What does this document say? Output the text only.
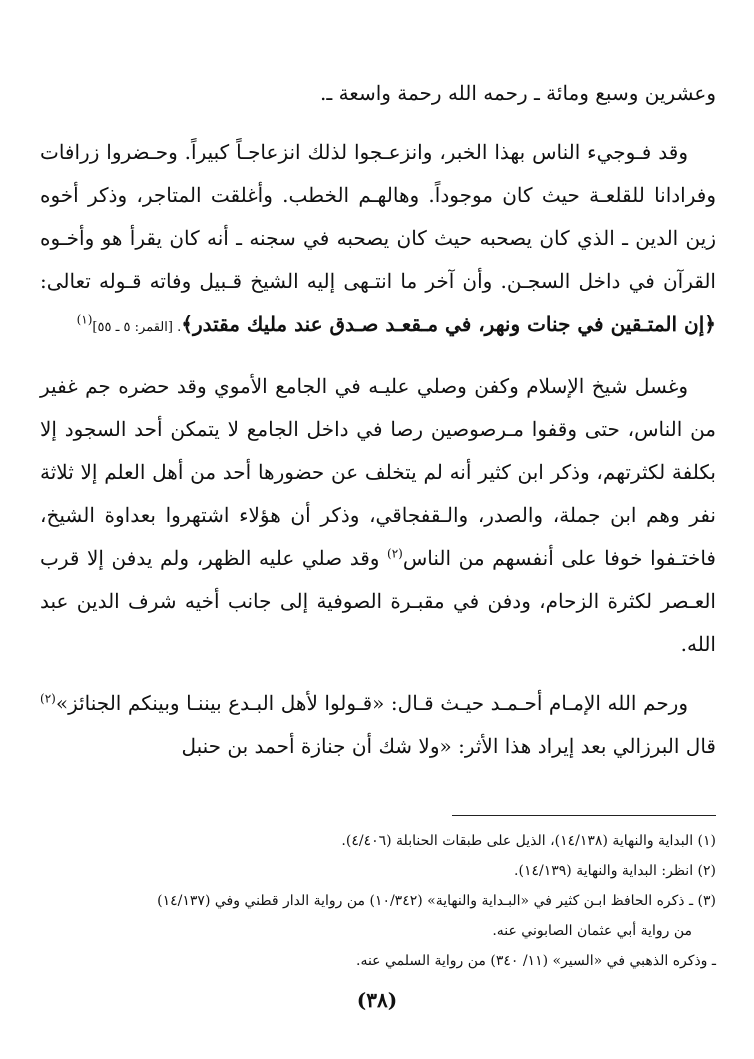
وعشرين وسبع ومائة ـ رحمه الله رحمة واسعة ـ.

وقد فـوجيء الناس بهذا الخبر، وانزعـجوا لذلك انزعاجـاً كبيراً. وحـضروا زرافات وفرادانا للقلعـة حيث كان موجوداً. وهالهـم الخطب. وأغلقت المتاجر، وذكر أخوه زين الدين ـ الذي كان يصحبه حيث كان يصحبه في سجنه ـ أنه كان يقرأ هو وأخـوه القرآن في داخل السجـن. وأن آخر ما انتـهى إليه الشيخ قـبيل وفاته قـوله تعالى: ﴿إن المتـقين في جنات ونهر، في مـقعـد صـدق عند مليك مقتدر﴾. [القمر: ٥ ـ ٥٥]$^{(١)}$

وغسل شيخ الإسلام وكفن وصلي عليـه في الجامع الأموي وقد حضره جم غفير من الناس، حتى وقفوا مـرصوصين رصا في داخل الجامع لا يتمكن أحد السجود إلا بكلفة لكثرتهم، وذكر ابن كثير أنه لم يتخلف عن حضورها أحد من أهل العلم إلا ثلاثة نفر وهم ابن جملة، والصدر، والـقفجاقي، وذكر أن هؤلاء اشتهروا بعداوة الشيخ، فاختـفوا خوفا على أنفسهم من الناس$^{(٢)}$ وقد صلي عليه الظهر، ولم يدفن إلا قرب العـصر لكثرة الزحام، ودفن في مقبـرة الصوفية إلى جانب أخيه شرف الدين عبد الله.

ورحم الله الإمـام أحـمـد حيـث قـال: «قـولوا لأهل البـدع بيننـا وبينكم الجنائز»$^{(٢)}$ قال البرزالي بعد إيراد هذا الأثر: «ولا شك أن جنازة أحمد بن حنبل

(١) البداية والنهاية (١٤/١٣٨)، الذيل على طبقات الحنابلة (٤/٤٠٦).

(٢) انظر: البداية والنهاية (١٤/١٣٩).

(٣) ـ ذكره الحافظ ابـن كثير في «البـداية والنهاية» (١٠/٣٤٢) من رواية الدار قطني وفي (١٤/١٣٧)

من رواية أبي عثمان الصابوني عنه.

ـ وذكره الذهبي في «السير» (١١/ ٣٤٠) من رواية السلمي عنه.

(٣٨)
